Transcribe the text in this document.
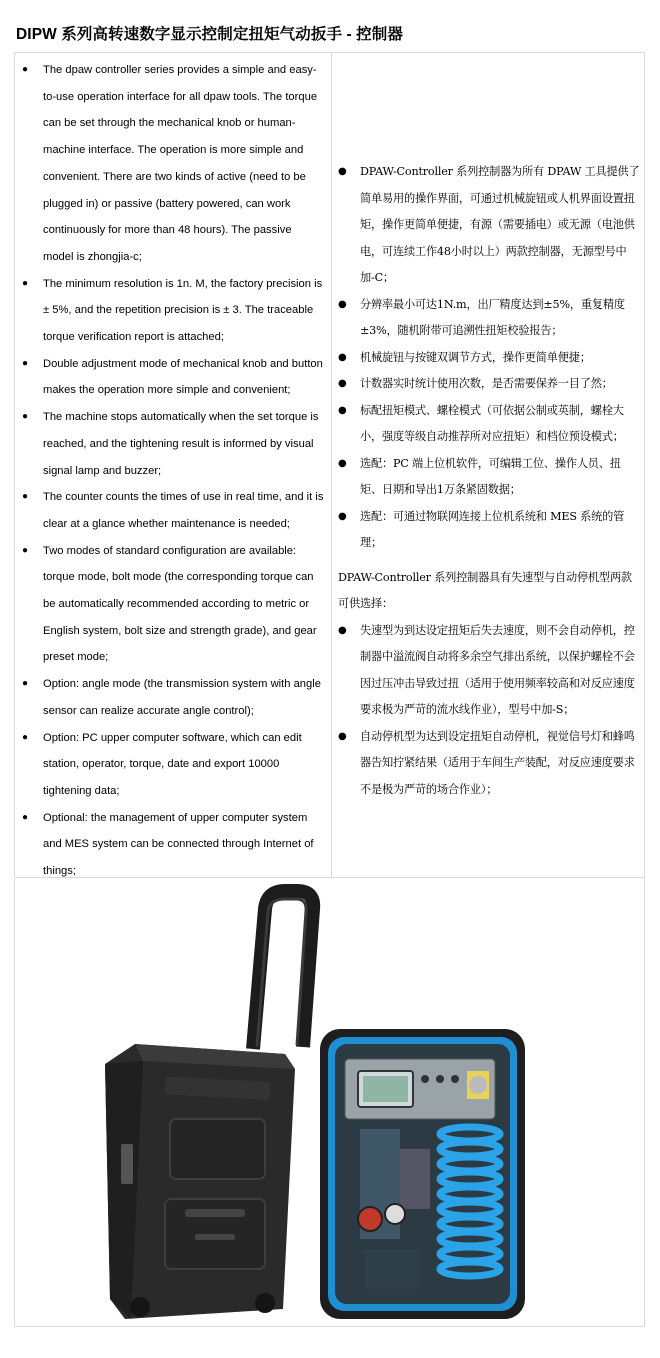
DIPW 系列高转速数字显示控制定扭矩气动扳手 - 控制器
● The dpaw controller series provides a simple and easy-to-use operation interface for all dpaw tools. The torque can be set through the mechanical knob or human-machine interface. The operation is more simple and convenient. There are two kinds of active (need to be plugged in) or passive (battery powered, can work continuously for more than 48 hours). The passive model is zhongjia-c;
● The minimum resolution is 1n. M, the factory precision is ± 5%, and the repetition precision is ± 3. The traceable torque verification report is attached;
● Double adjustment mode of mechanical knob and button makes the operation more simple and convenient;
● The machine stops automatically when the set torque is reached, and the tightening result is informed by visual signal lamp and buzzer;
● The counter counts the times of use in real time, and it is clear at a glance whether maintenance is needed;
● Two modes of standard configuration are available: torque mode, bolt mode (the corresponding torque can be automatically recommended according to metric or English system, bolt size and strength grade), and gear preset mode;
● Option: angle mode (the transmission system with angle sensor can realize accurate angle control);
● Option: PC upper computer software, which can edit station, operator, torque, date and export 10000 tightening data;
● Optional: the management of upper computer system and MES system can be connected through Internet of things;
● DPAW-Controller 系列控制器为所有 DPAW 工具提供了简单易用的操作界面，可通过机械旋钮或人机界面设置扭矩，操作更简单便捷，有源（需要插电）或无源（电池供电，可连续工作48小时以上）两款控制器，无源型号中加-C；
● 分辨率最小可达1N.m，出厂精度达到±5%，重复精度±3%，随机附带可追溯性扭矩校验报告；
● 机械旋钮与按键双调节方式，操作更简单便捷；
● 计数器实时统计使用次数，是否需要保养一目了然；
● 标配扭矩模式、螺栓模式（可依据公制或英制，螺栓大小，强度等级自动推荐所对应扭矩）和档位预设模式；
● 选配：PC 端上位机软件，可编辑工位、操作人员、扭矩、日期和导出1万条紧固数据；
● 选配：可通过物联网连接上位机系统和 MES 系统的管理；
DPAW-Controller 系列控制器具有失速型与自动停机型两款可供选择：
● 失速型为到达设定扭矩后失去速度，则不会自动停机，控制器中溢流阀自动将多余空气排出系统，以保护螺栓不会因过压冲击导致过扭（适用于使用频率较高和对反应速度要求极为严苛的流水线作业），型号中加-S；
● 自动停机型为达到设定扭矩自动停机，视觉信号灯和蜂鸣器告知拧紧结果（适用于车间生产装配，对反应速度要求不是极为严苛的场合作业）；
